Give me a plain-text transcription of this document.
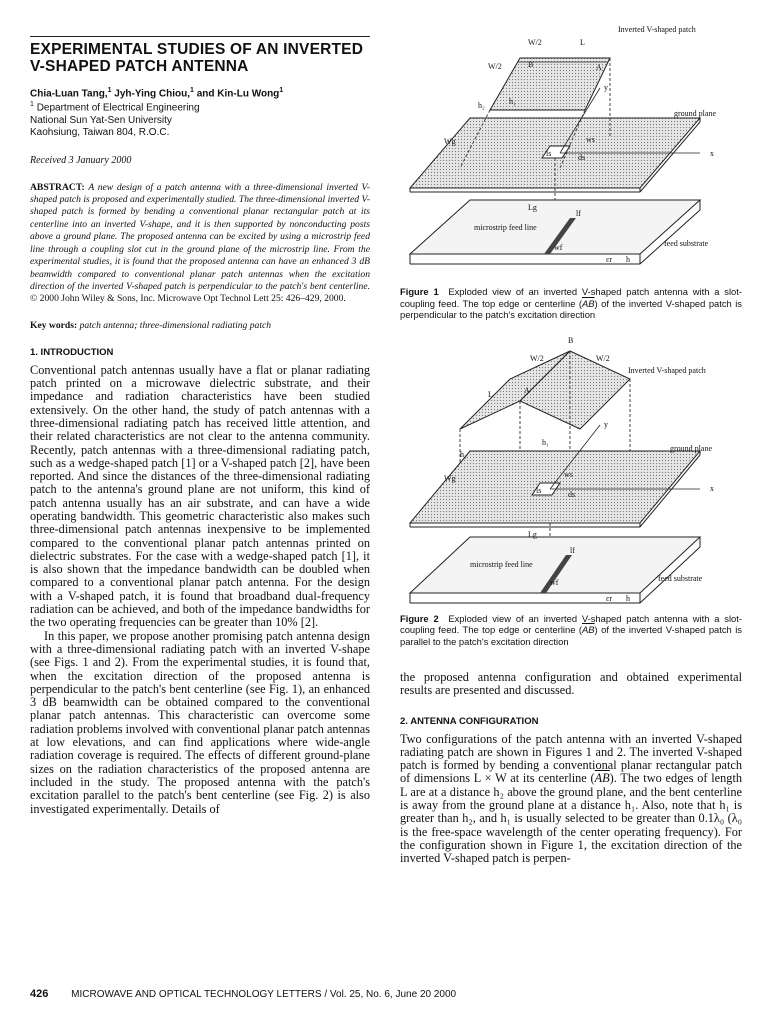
EXPERIMENTAL STUDIES OF AN INVERTED V-SHAPED PATCH ANTENNA

Chia-Luan Tang,$^1$ Jyh-Ying Chiou,$^1$ and Kin-Lu Wong$^1$

$^1$ Department of Electrical Engineering

National Sun Yat-Sen University

Kaohsiung, Taiwan 804, R.O.C.

Received 3 January 2000

ABSTRACT: A new design of a patch antenna with a three-dimensional inverted V-shaped patch is proposed and experimentally studied. The three-dimensional inverted V-shaped patch is formed by bending a conventional planar rectangular patch at its centerline into an inverted V-shape, and it is then supported by nonconducting posts above a ground plane. The proposed antenna can be excited by using a microstrip feed line through a coupling slot cut in the ground plane of the microstrip line. From the experimental studies, it is found that the proposed antenna can have an enhanced 3 dB beamwidth compared to conventional planar patch antennas when the excitation direction of the inverted V-shaped patch is perpendicular to the patch's bent centerline. © 2000 John Wiley & Sons, Inc. Microwave Opt Technol Lett 25: 426–429, 2000.

Key words: patch antenna; three-dimensional radiating patch

1. INTRODUCTION

Conventional patch antennas usually have a flat or planar radiating patch printed on a microwave dielectric substrate, and their impedance and radiation characteristics have been studied extensively. On the other hand, the study of patch antennas with a three-dimensional radiating patch has received little attention, and their related characteristics are not clear to the antenna community. Recently, patch antennas with a three-dimensional radiating patch, such as a wedge-shaped patch [1] or a V-shaped patch [2], have been reported. And since the distances of the three-dimensional radiating patch to the antenna's ground plane are not uniform, this kind of patch antenna usually has an air substrate, and can have a wide operating bandwidth. This geometric characteristic also makes such three-dimensional patch antennas inexpensive to be implemented compared to the conventional planar patch antennas printed on dielectric substrates. For the case with a wedge-shaped patch [1], it is also shown that the impedance bandwidth can be doubled when compared to a conventional planar patch antenna. For the design with a V-shaped patch, it is found that broadband dual-frequency radiation can be achieved, and both of the impedance bandwidths for the two operating frequencies can be greater than 10% [2].

In this paper, we propose another promising patch antenna design with a three-dimensional radiating patch with an inverted V-shape (see Figs. 1 and 2). From the experimental studies, it is found that, when the excitation direction of the proposed antenna is perpendicular to the patch's bent centerline (see Fig. 1), an enhanced 3 dB beamwidth can be obtained compared to the conventional planar patch antennas. This characteristic can overcome some radiation problems involved with conventional planar patch antennas at low elevations, and can find applications where wide-angle radiation coverage is required. The effects of different ground-plane sizes on the radiation characteristics of the proposed antenna are included in the study. The proposed antenna with the patch's excitation parallel to the patch's bent centerline (see Fig. 2) is also investigated experimentally. Details of

Inverted V-shaped patch
W/2
W/2
L
A
B
h₁
h₂
y
ground plane
Wg
Lg
ws
ls	ds	x
microstrip feed line
lf
wf	feed substrate
εr h

Figure 1 Exploded view of an inverted V-shaped patch antenna with a slot-coupling feed. The top edge or centerline $(\overline{AB})$ of the inverted V-shaped patch is perpendicular to the patch's excitation direction

B
A
W/2	W/2
Inverted V-shaped patch
L
y
h₁
h₂
ground plane
Wg	ws
ls	ds
x
Lg
microstrip feed line
lf
wf	feed substrate
εr h

Figure 2 Exploded view of an inverted V-shaped patch antenna with a slot-coupling feed. The top edge or centerline $(\overline{AB})$ of the inverted V-shaped patch is parallel to the patch's excitation direction

the proposed antenna configuration and obtained experimental results are presented and discussed.

2. ANTENNA CONFIGURATION

Two configurations of the patch antenna with an inverted V-shaped radiating patch are shown in Figures 1 and 2. The inverted V-shaped patch is formed by bending a conventional planar rectangular patch of dimensions L × W at its centerline $(\overline{AB})$. The two edges of length L are at a distance h₂ above the ground plane, and the bent centerline is away from the ground plane at a distance h₁. Also, note that h₁ is greater than h₂, and h₁ is usually selected to be greater than 0.1λ₀ (λ₀ is the free-space wavelength of the center operating frequency). For the configuration shown in Figure 1, the excitation direction of the inverted V-shaped patch is perpen-

426 MICROWAVE AND OPTICAL TECHNOLOGY LETTERS / Vol. 25, No. 6, June 20 2000
